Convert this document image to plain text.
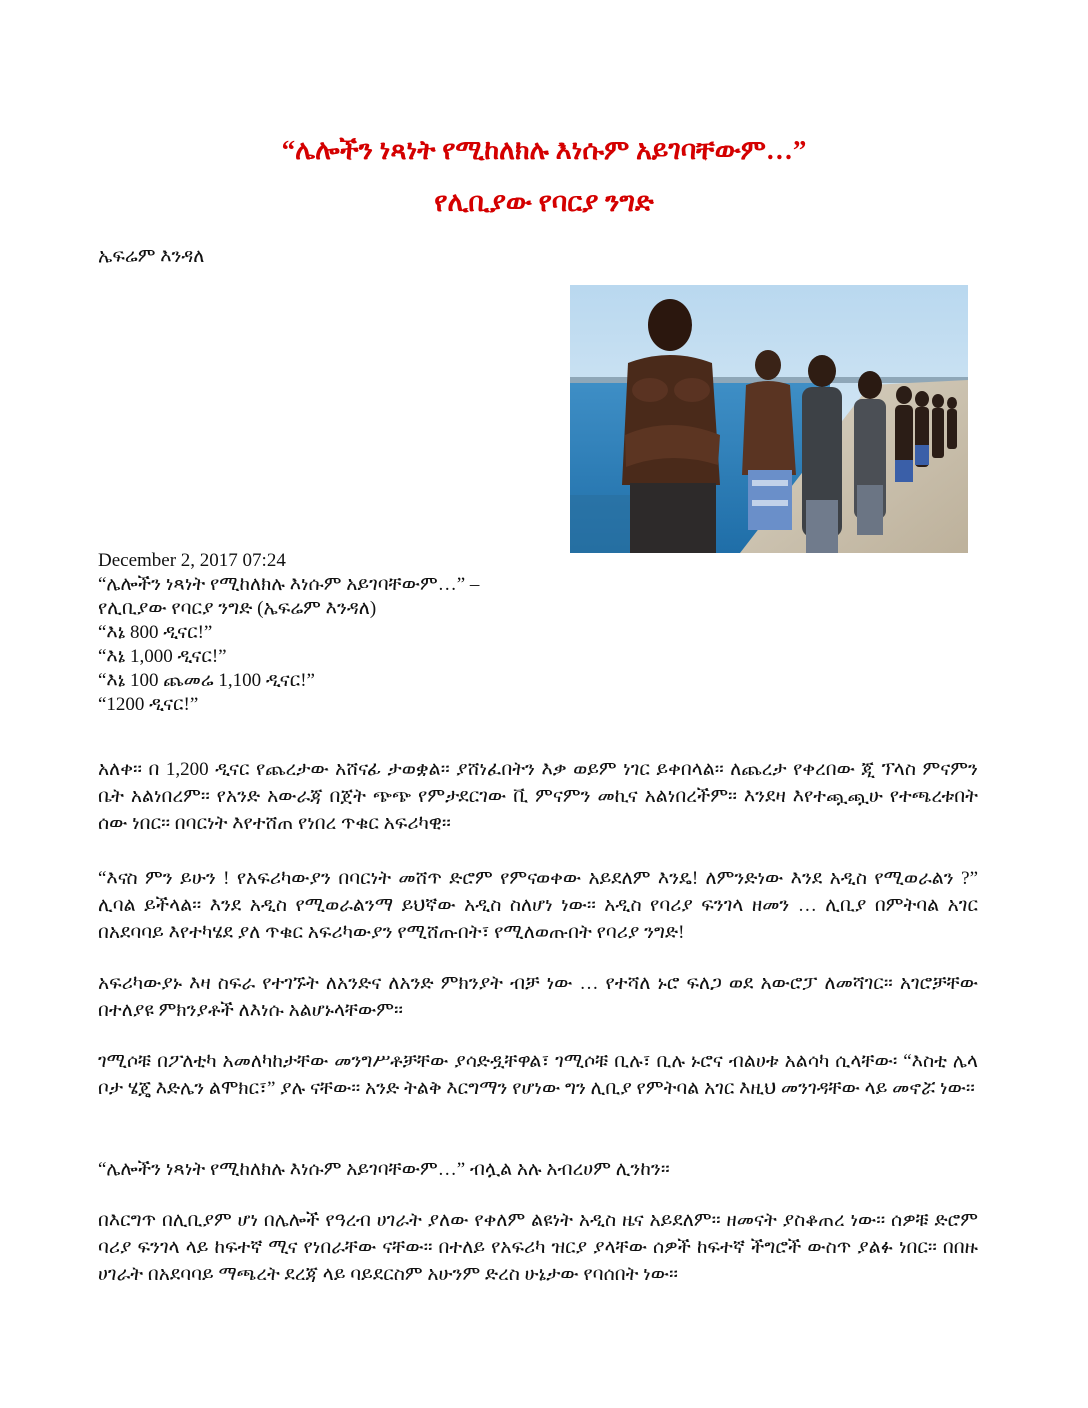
“ሌሎችን ነጻነት የሚከለክሉ እነሱም አይገባቸውም…”
የሊቢያው የባርያ ንግድ
ኤፍሬም እንዳለ
December 2, 2017 07:24
“ሌሎችን ነጻነት የሚከለክሉ እነሱም አይገባቸውም…” –
የሊቢያው የባርያ ንግድ (ኤፍሬም እንዳለ)
“እኔ 800 ዲናር!”
“እኔ 1,000 ዲናር!”
“እኔ 100 ጨመሬ 1,100 ዲናር!”
“1200 ዲናር!”

አለቀ፡፡ በ 1,200 ዲናር የጨረታው አሸናፊ ታወቋል፡፡ ያሸነፈበትን እቃ ወይም ነገር ይቀበላል፡፡ ለጨረታ የቀረበው ጂ ፕላስ ምናምን ቤት አልነበረም፡፡ የአንድ አውራጃ በጀት ጭጭ የምታደርገው ቪ ምናምን መኪና አልነበረችም፡፡ እንደዛ እየተጯጯሁ የተጫረቱበት ሰው ነበር፡፡ በባርነት እየተሸጠ የነበረ ጥቁር አፍሪካዊ፡፡

“እናስ ምን ይሁን ! የአፍሪካውያን በባርነት መሸጥ ድሮም የምናወቀው አይደለም እንዴ! ለምንድነው እንደ አዲስ የሚወራልን ?” ሊባል ይችላል፡፡ እንደ አዲስ የሚወራልንማ ይህኛው አዲስ ስለሆነ ነው፡፡ አዲስ የባሪያ ፍንገላ ዘመን … ሊቢያ በምትባል አገር በአደባባይ እየተካሄደ ያለ ጥቁር አፍሪካውያን የሚሸጡበት፣ የሚለወጡበት የባሪያ ንግድ!

አፍሪካውያኑ እዛ ስፍራ የተገኙት ለአንድና ለአንድ ምክንያት ብቻ ነው … የተሻለ ኑሮ ፍለጋ ወደ አውሮፓ ለመሻገር፡፡ አገሮቻቸው በተለያዩ ምክንያቶች ለእነሱ አልሆኑላቸውም፡፡

ገሚሶቹ በፖለቲካ አመለካከታቸው መንግሥቶቻቸው ያሳድዷቸዋል፣ ገሚሶቹ ቢሉ፣ ቢሉ ኑሮና ብልሀቱ አልሳካ ሲላቸው፡ “እስቲ ሌላ ቦታ ሄጄ እድሌን ልሞክር፣” ያሉ ናቸው፡፡ አንድ ትልቅ እርግማን የሆነው ግን ሊቢያ የምትባል አገር እዚህ መንገዳቸው ላይ መኖሯ ነው፡፡

“ሌሎችን ነጻነት የሚከለክሉ እነሱም አይገባቸውም…” ብሏል አሉ አብረሀም ሊንከን፡፡

በእርግጥ በሊቢያም ሆነ በሌሎች የዓረብ ሀገራት ያለው የቀለም ልዩነት አዲስ ዜና አይደለም፡፡ ዘመናት ያስቆጠረ ነው፡፡ ሰዎቹ ድሮም ባሪያ ፍንገላ ላይ ከፍተኛ ሚና የነበራቸው ናቸው፡፡ በተለይ የአፍሪካ ዝርያ ያላቸው ሰዎች ከፍተኛ ችግሮች ውስጥ ያልፉ ነበር፡፡ በበዙ ሀገራት በአደባባይ ማጫረት ደረጃ ላይ ባይደርስም አሁንም ድረስ ሁኔታው የባሰበት ነው፡፡
